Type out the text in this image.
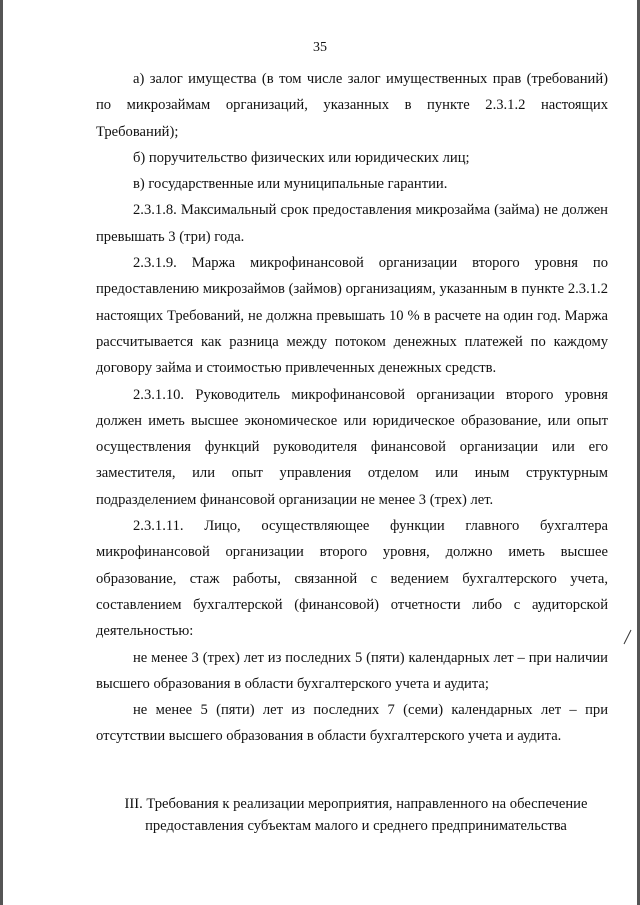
35

а) залог имущества (в том числе залог имущественных прав (требований) по микрозаймам организаций, указанных в пункте 2.3.1.2 настоящих Требований);

б) поручительство физических или юридических лиц;

в) государственные или муниципальные гарантии.

2.3.1.8. Максимальный срок предоставления микрозайма (займа) не должен превышать 3 (три) года.

2.3.1.9. Маржа микрофинансовой организации второго уровня по предоставлению микрозаймов (займов) организациям, указанным в пункте 2.3.1.2 настоящих Требований, не должна превышать 10 % в расчете на один год. Маржа рассчитывается как разница между потоком денежных платежей по каждому договору займа и стоимостью привлеченных денежных средств.

2.3.1.10. Руководитель микрофинансовой организации второго уровня должен иметь высшее экономическое или юридическое образование, или опыт осуществления функций руководителя финансовой организации или его заместителя, или опыт управления отделом или иным структурным подразделением финансовой организации не менее 3 (трех) лет.

2.3.1.11. Лицо, осуществляющее функции главного бухгалтера микрофинансовой организации второго уровня, должно иметь высшее образование, стаж работы, связанной с ведением бухгалтерского учета, составлением бухгалтерской (финансовой) отчетности либо с аудиторской деятельностью:

не менее 3 (трех) лет из последних 5 (пяти) календарных лет – при наличии высшего образования в области бухгалтерского учета и аудита;

не менее 5 (пяти) лет из последних 7 (семи) календарных лет – при отсутствии высшего образования в области бухгалтерского учета и аудита.

III. Требования к реализации мероприятия, направленного на обеспечение
предоставления субъектам малого и среднего предпринимательства
